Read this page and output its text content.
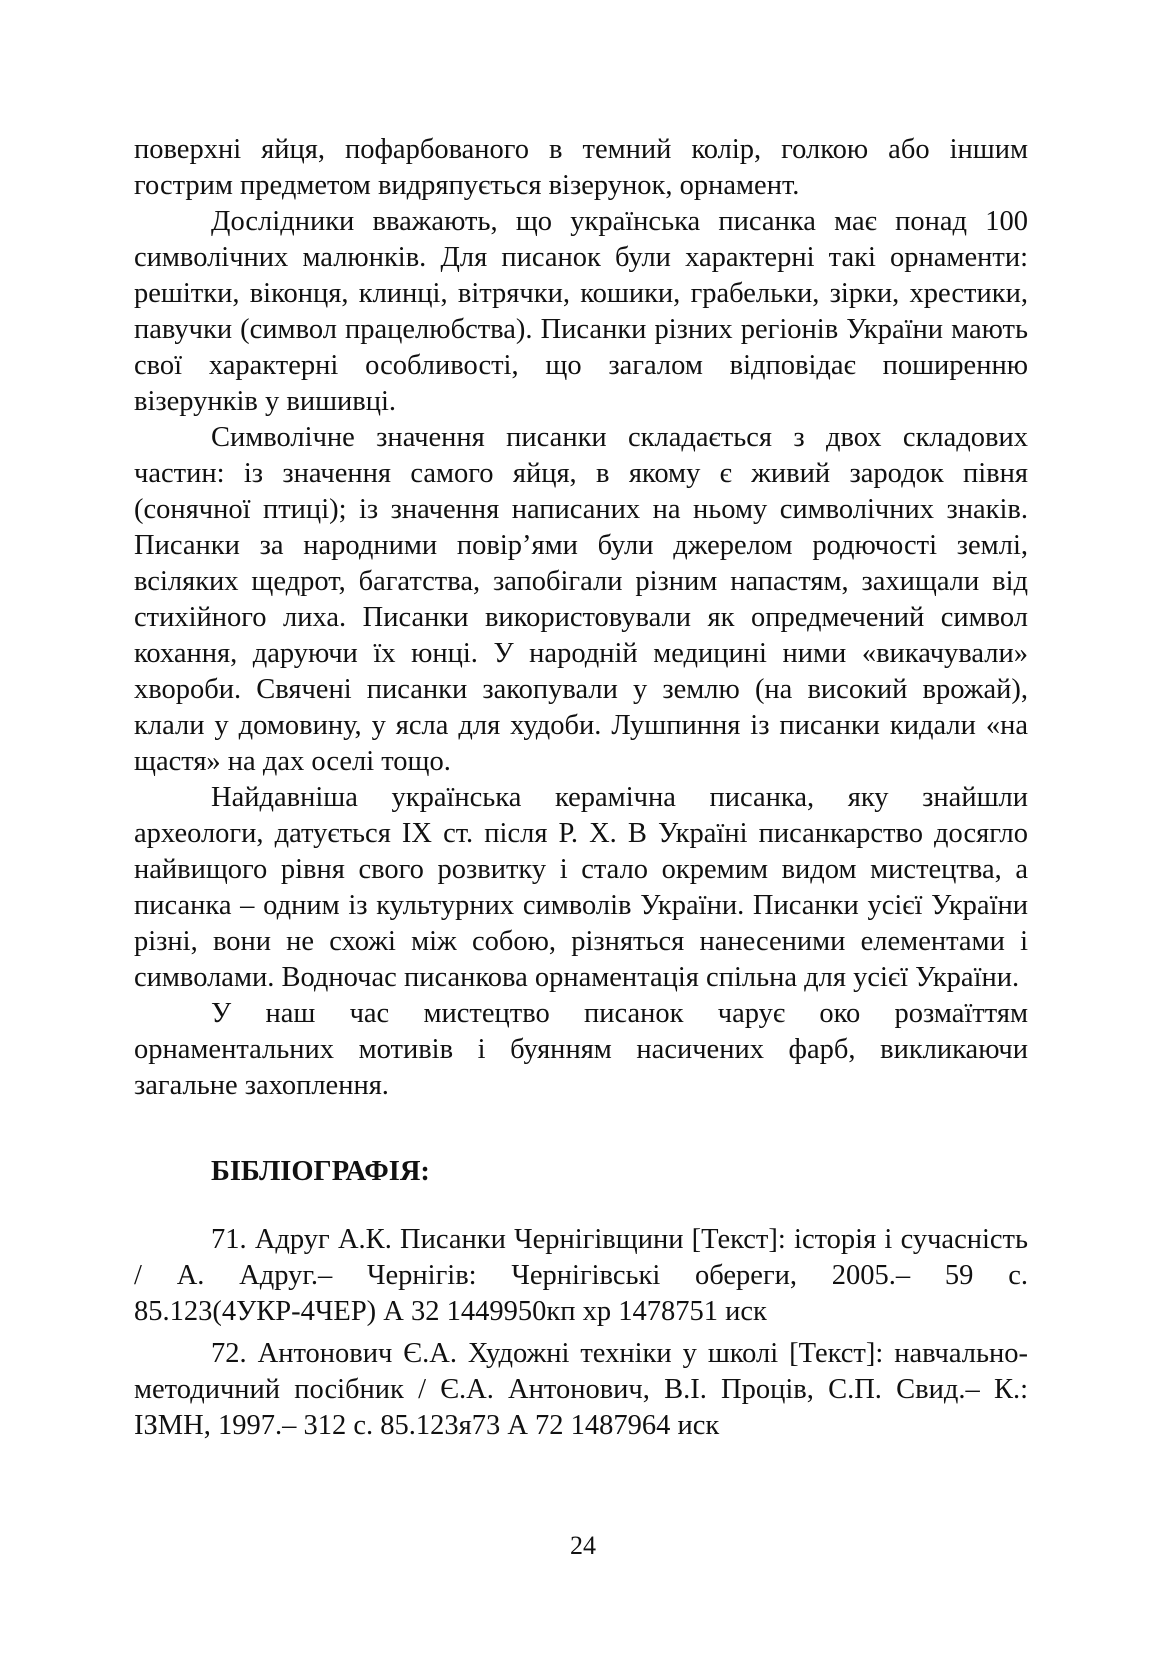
поверхні яйця, пофарбованого в темний колір, голкою або іншим гострим предметом видряпується візерунок, орнамент.

Дослідники вважають, що українська писанка має понад 100 символічних малюнків. Для писанок були характерні такі орнаменти: решітки, віконця, клинці, вітрячки, кошики, грабельки, зірки, хрестики, павучки (символ працелюбства). Писанки різних регіонів України мають свої характерні особливості, що загалом відповідає поширенню візерунків у вишивці.

Символічне значення писанки складається з двох складових частин: із значення самого яйця, в якому є живий зародок півня (сонячної птиці); із значення написаних на ньому символічних знаків. Писанки за народними повір’ями були джерелом родючості землі, всіляких щедрот, багатства, запобігали різним напастям, захищали від стихійного лиха. Писанки використовували як опредмечений символ кохання, даруючи їх юнці. У народній медицині ними «викачували» хвороби. Свячені писанки закопували у землю (на високий врожай), клали у домовину, у ясла для худоби. Лушпиння із писанки кидали «на щастя» на дах оселі тощо.

Найдавніша українська керамічна писанка, яку знайшли археологи, датується IX ст. після Р. Х. В Україні писанкарство досягло найвищого рівня свого розвитку і стало окремим видом мистецтва, а писанка – одним із культурних символів України. Писанки усієї України різні, вони не схожі між собою, різняться нанесеними елементами і символами. Водночас писанкова орнаментація спільна для усієї України.

У наш час мистецтво писанок чарує око розмаїттям орнаментальних мотивів і буянням насичених фарб, викликаючи загальне захоплення.

БІБЛІОГРАФІЯ:

71. Адруг А.К. Писанки Чернігівщини [Текст]: історія і сучасність / А. Адруг.– Чернігів: Чернігівські обереги, 2005.– 59 с. 85.123(4УКР-4ЧЕР) А 32 1449950кп хр 1478751 иск

72. Антонович Є.А. Художні техніки у школі [Текст]: навчально-методичний посібник / Є.А. Антонович, В.І. Проців, С.П. Свид.– К.: ІЗМН, 1997.– 312 с. 85.123я73 А 72 1487964 иск

24
